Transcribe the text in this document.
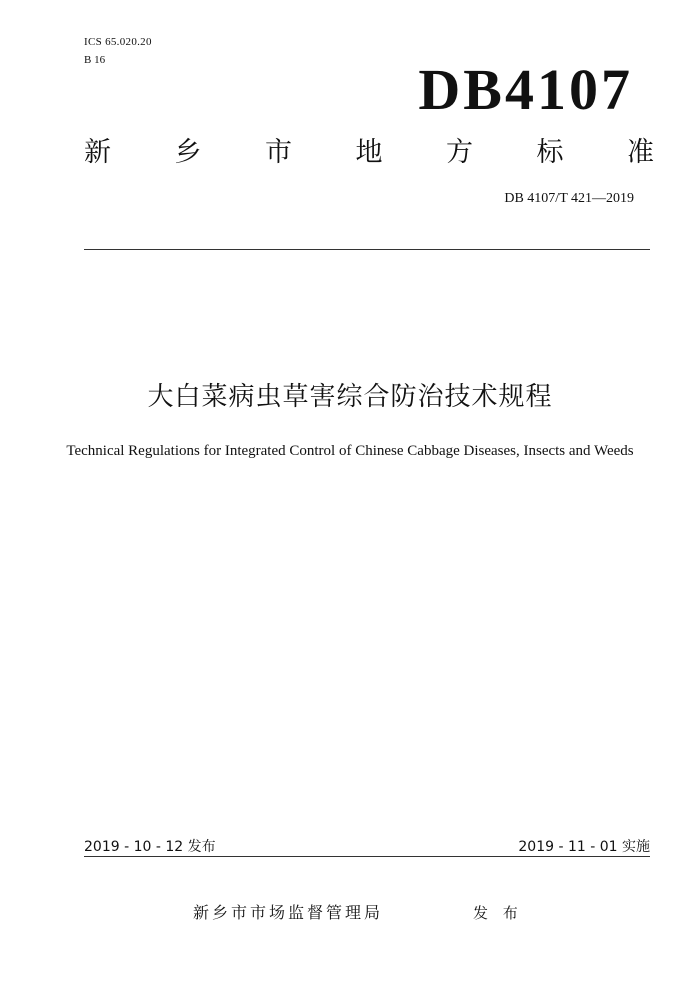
ICS 65.020.20
B 16	DB4107
新 乡 市 地 方 标 准
DB 4107/T 421—2019
大白菜病虫草害综合防治技术规程
Technical Regulations for Integrated Control of Chinese Cabbage Diseases, Insects and Weeds
2019 - 10 - 12 发布	2019 - 11 - 01 实施
新乡市市场监督管理局	发 布
